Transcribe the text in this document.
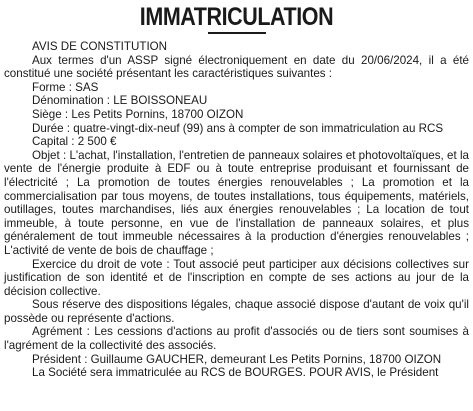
IMMATRICULATION

AVIS DE CONSTITUTION

Aux termes d'un ASSP signé électroniquement en date du 20/06/2024, il a été constitué une société présentant les caractéristiques suivantes :

Forme : SAS

Dénomination : LE BOISSONEAU

Siège : Les Petits Pornins, 18700 OIZON

Durée : quatre-vingt-dix-neuf (99) ans à compter de son immatriculation au RCS

Capital : 2 500 €

Objet : L'achat, l'installation, l'entretien de panneaux solaires et photovoltaïques, et la vente de l'énergie produite à EDF ou à toute entreprise produisant et fournissant de l'électricité ; La promotion de toutes énergies renouvelables ; La promotion et la commercialisation par tous moyens, de toutes installations, tous équipements, matériels, outillages, toutes marchandises, liés aux énergies renouvelables ; La location de tout immeuble, à toute personne, en vue de l'installation de panneaux solaires, et plus généralement de tout immeuble nécessaires à la production d'énergies renouvelables ; L'activité de vente de bois de chauffage ;

Exercice du droit de vote : Tout associé peut participer aux décisions collectives sur justification de son identité et de l'inscription en compte de ses actions au jour de la décision collective.

Sous réserve des dispositions légales, chaque associé dispose d'autant de voix qu'il possède ou représente d'actions.

Agrément : Les cessions d'actions au profit d'associés ou de tiers sont soumises à l'agrément de la collectivité des associés.

Président : Guillaume GAUCHER, demeurant Les Petits Pornins, 18700 OIZON

La Société sera immatriculée au RCS de BOURGES. POUR AVIS, le Président
